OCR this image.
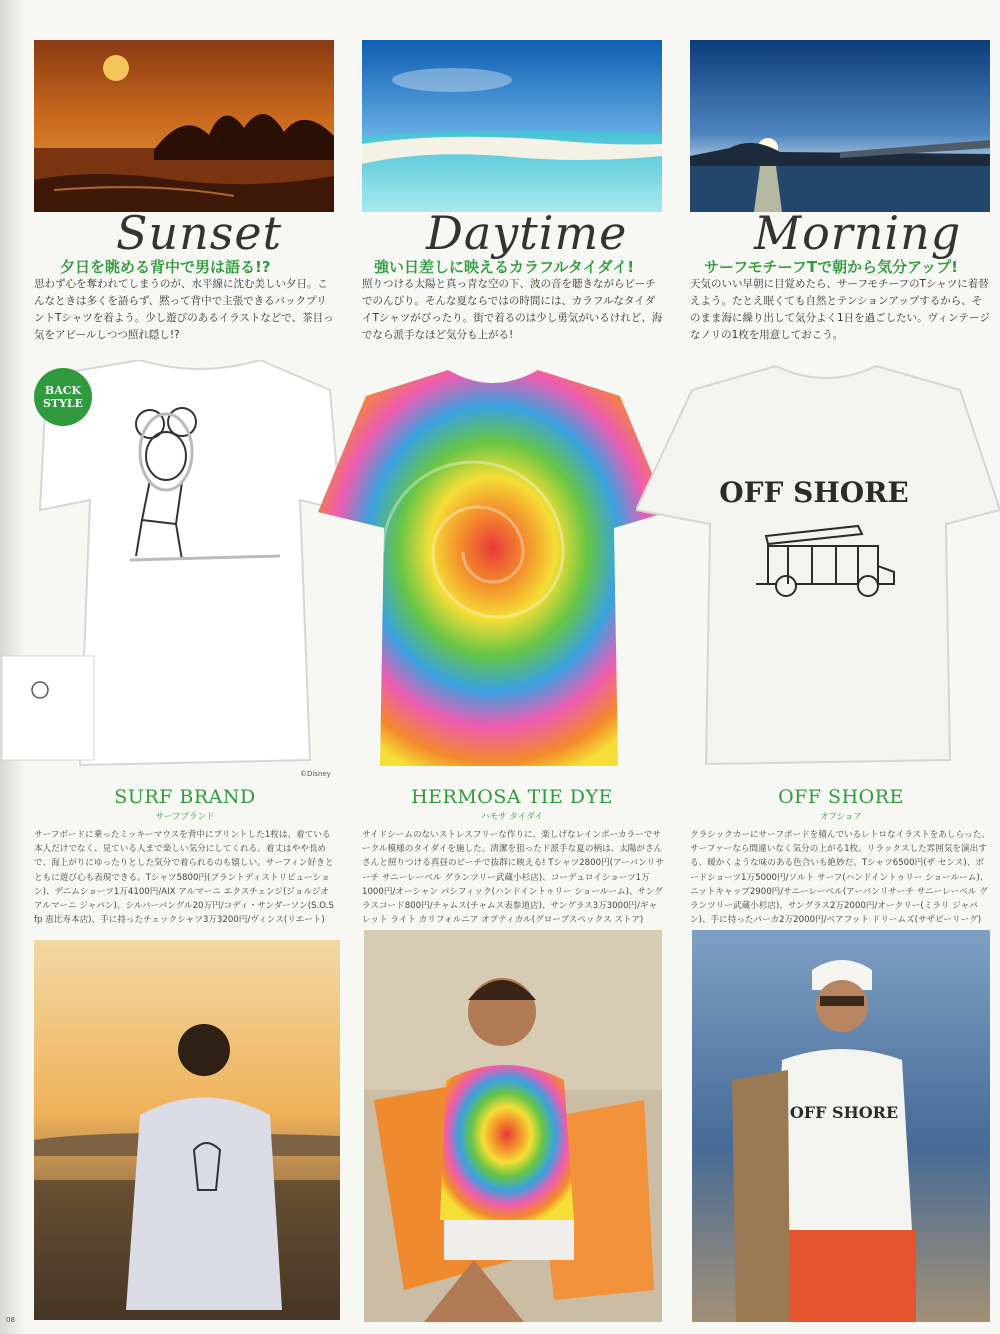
Sunset
夕日を眺める背中で男は語る!?
思わず心を奪われてしまうのが、水平線に沈む美しい夕日。こんなときは多くを語らず、黙って背中で主張できるバックプリントTシャツを着よう。少し遊びのあるイラストなどで、茶目っ気をアピールしつつ照れ隠し!?
BACK
STYLE
©Disney
SURF BRAND
サーフブランド
サーフボードに乗ったミッキーマウスを背中にプリントした1枚は、着ている本人だけでなく、見ている人まで楽しい気分にしてくれる。着丈はやや長めで、海上がりにゆったりとした気分で着られるのも嬉しい。サーフィン好きとともに遊び心も表現できる。Tシャツ5800円(ブラントディストリビューション)、デニムショーツ1万4100円/AIX アルマーニ エクスチェンジ(ジョルジオ アルマーニ ジャパン)、シルバーバングル20万円/コディ・サンダーソン(S.O.S fp 恵比寿本店)、手に持ったチェックシャツ3万3200円/ヴィンス(リエート)
08
Daytime
強い日差しに映えるカラフルタイダイ!
照りつける太陽と真っ青な空の下、波の音を聴きながらビーチでのんびり。そんな夏ならではの時間には、カラフルなタイダイTシャツがぴったり。街で着るのは少し勇気がいるけれど、海でなら派手なほど気分も上がる!
HERMOSA TIE DYE
ハモサ タイダイ
サイドシームのないストレスフリーな作りに、楽しげなレインボーカラーでサークル模様のタイダイを施した。清潔を狙ったド派手な夏の柄は、太陽がさんさんと照りつける真昼のビーチで抜群に映える! Tシャツ2800円(アーバンリサーチ サニーレーベル グランツリー武蔵小杉店)、コーデュロイショーツ1万1000円/オーシャン パシフィック(ハンドイントゥリー ショールーム)、サングラスコード800円/チャムス(チャムス表参道店)、サングラス3万3000円/ギャレット ライト カリフォルニア オプティカル(グローブスペックス ストア)
Morning
サーフモチーフTで朝から気分アップ!
天気のいい早朝に目覚めたら、サーフモチーフのTシャツに着替えよう。たとえ眠くても自然とテンションアップするから、そのまま海に繰り出して気分よく1日を過ごしたい。ヴィンテージなノリの1枚を用意しておこう。
OFF SHORE
OFF SHORE
オフショア
クラシックカーにサーフボードを積んでいるレトロなイラストをあしらった。サーファーなら間違いなく気分の上がる1枚。リラックスした雰囲気を演出する、暖かくような味のある色合いも絶妙だ。Tシャツ6500円(ザ センス)、ボードショーツ1万5000円/ソルト サーフ(ハンドイントゥリー ショールーム)、ニットキャップ2900円/サニーレーベル(アーバンリサーチ サニーレーベル グランツリー武蔵小杉店)、サングラス2万2000円/オークリー(ミラリ ジャパン)、手に持ったパーカ2万2000円/ベアフット ドリームズ(サザビーリーグ)
OFF SHORE
